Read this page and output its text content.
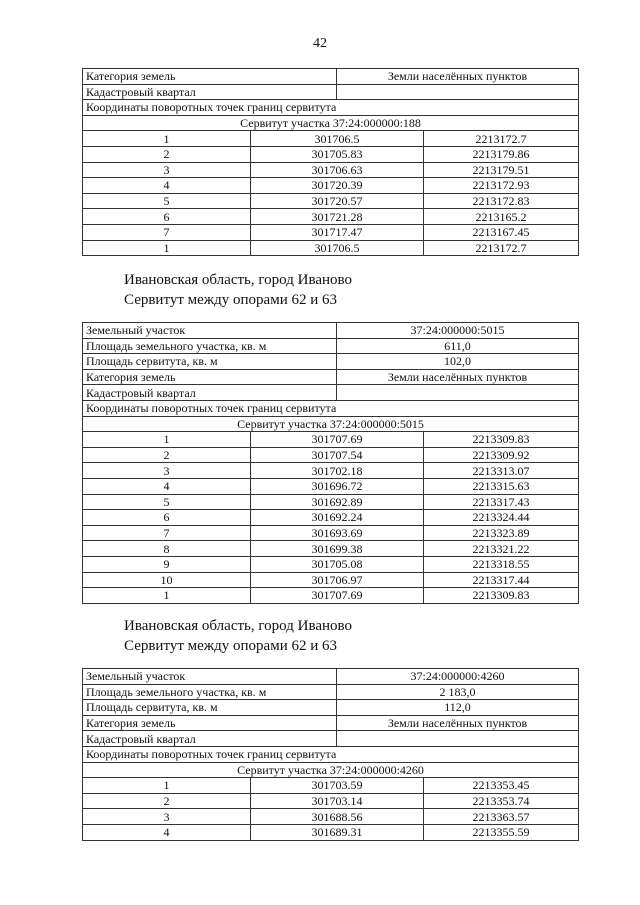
42
Категория земель		Земли населённых пунктов	
Кадастровый квартал			
Координаты поворотных точек границ сервитута			
Сервитут участка 37:24:000000:188			
1	301706.5		2213172.7
2	301705.83		2213179.86
3	301706.63		2213179.51
4	301720.39		2213172.93
5	301720.57		2213172.83
6	301721.28		2213165.2
7	301717.47		2213167.45
1	301706.5		2213172.7
Ивановская область, город Иваново
Сервитут между опорами 62 и 63
Земельный участок		37:24:000000:5015	
Площадь земельного участка, кв. м		611,0	
Площадь сервитута, кв. м		102,0	
Категория земель		Земли населённых пунктов	
Кадастровый квартал			
Координаты поворотных точек границ сервитута			
Сервитут участка 37:24:000000:5015			
1	301707.69		2213309.83
2	301707.54		2213309.92
3	301702.18		2213313.07
4	301696.72		2213315.63
5	301692.89		2213317.43
6	301692.24		2213324.44
7	301693.69		2213323.89
8	301699.38		2213321.22
9	301705.08		2213318.55
10	301706.97		2213317.44
1	301707.69		2213309.83
Ивановская область, город Иваново
Сервитут между опорами 62 и 63
Земельный участок		37:24:000000:4260	
Площадь земельного участка, кв. м		2 183,0	
Площадь сервитута, кв. м		112,0	
Категория земель		Земли населённых пунктов	
Кадастровый квартал			
Координаты поворотных точек границ сервитута			
Сервитут участка 37:24:000000:4260			
1	301703.59		2213353.45
2	301703.14		2213353.74
3	301688.56		2213363.57
4	301689.31		2213355.59
